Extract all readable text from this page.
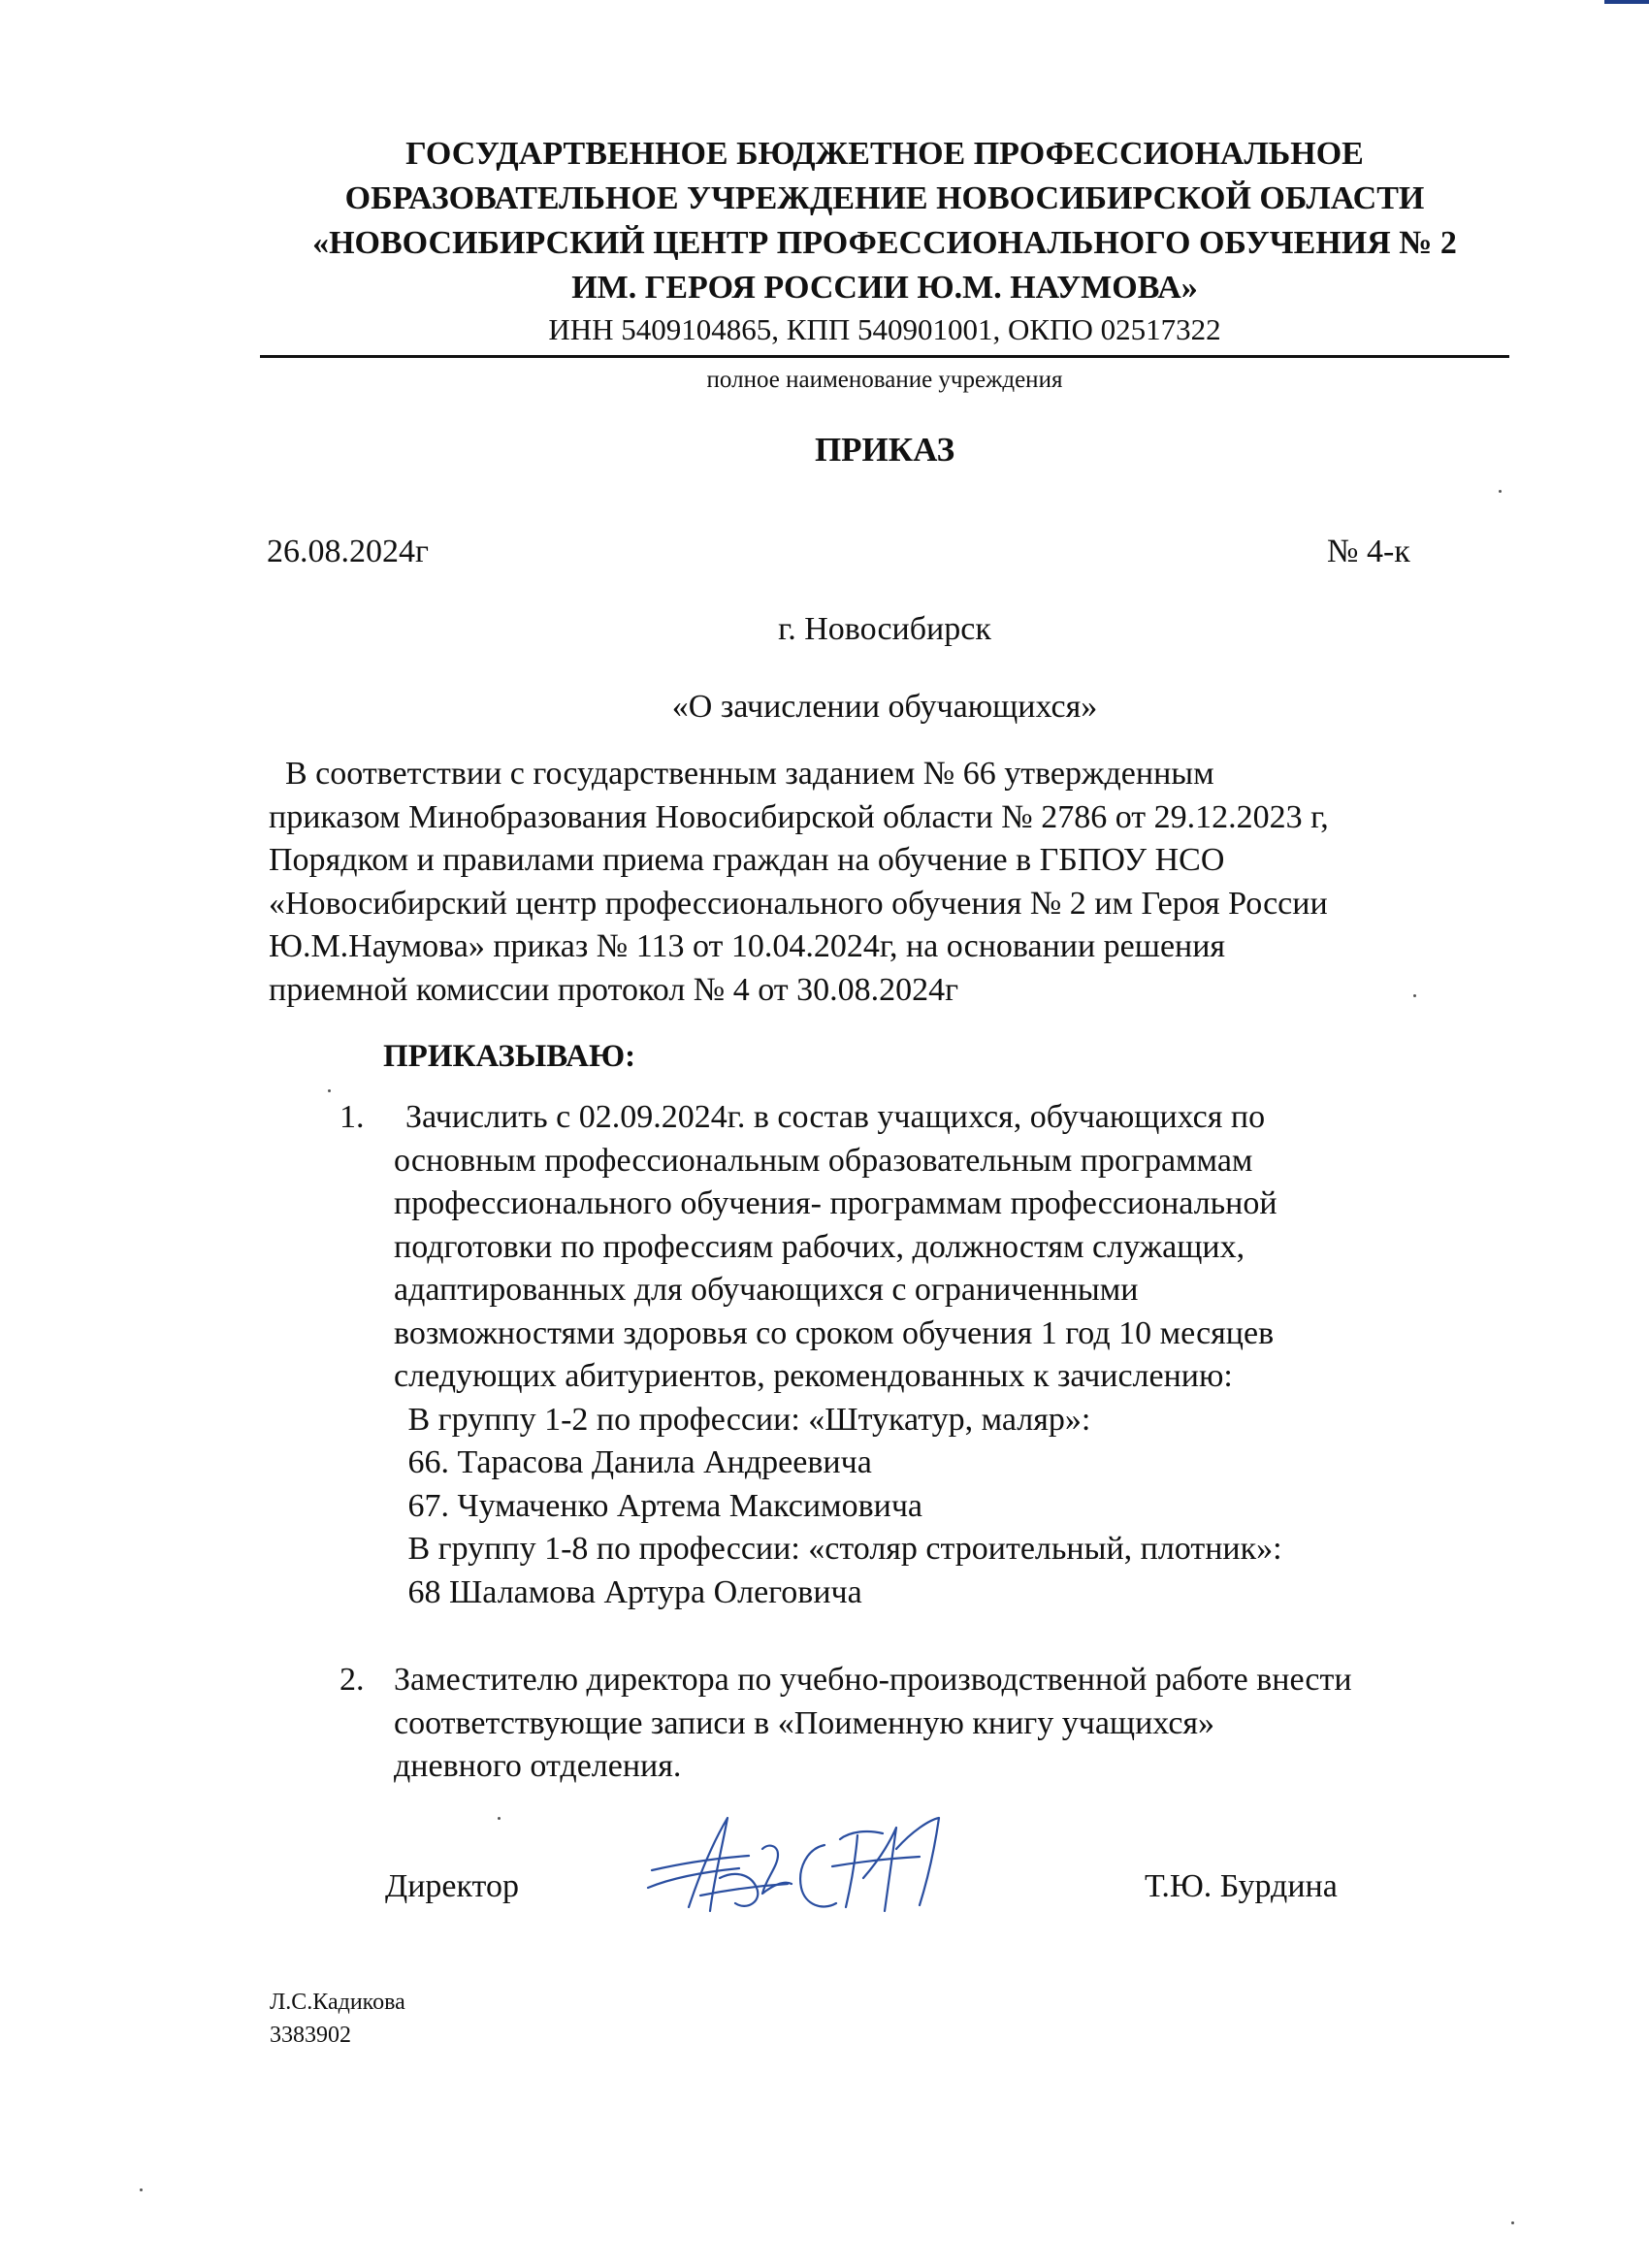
ГОСУДАРТВЕННОЕ БЮДЖЕТНОЕ ПРОФЕССИОНАЛЬНОЕ
ОБРАЗОВАТЕЛЬНОЕ УЧРЕЖДЕНИЕ НОВОСИБИРСКОЙ ОБЛАСТИ
«НОВОСИБИРСКИЙ ЦЕНТР ПРОФЕССИОНАЛЬНОГО ОБУЧЕНИЯ № 2
ИМ. ГЕРОЯ РОССИИ Ю.М. НАУМОВА»
ИНН 5409104865, КПП 540901001, ОКПО 02517322
полное наименование учреждения
ПРИКАЗ
26.08.2024г	№ 4-к
г. Новосибирск
«О зачислении обучающихся»
В соответствии с государственным заданием № 66 утвержденным
приказом Минобразования Новосибирской области № 2786 от 29.12.2023 г,
Порядком и правилами приема граждан на обучение в ГБПОУ НСО
«Новосибирский центр профессионального обучения № 2 им Героя России
Ю.М.Наумова» приказ № 113 от 10.04.2024г, на основании решения
приемной комиссии протокол № 4 от 30.08.2024г
ПРИКАЗЫВАЮ:
1.	Зачислить с 02.09.2024г. в состав учащихся, обучающихся по
основным профессиональным образовательным программам
профессионального обучения- программам профессиональной
подготовки по профессиям рабочих, должностям служащих,
адаптированных для обучающихся с ограниченными
возможностями здоровья со сроком обучения 1 год 10 месяцев
следующих абитуриентов, рекомендованных к зачислению:
В группу 1-2 по профессии: «Штукатур, маляр»:
66. Тарасова Данила Андреевича
67. Чумаченко Артема Максимовича
В группу 1-8 по профессии: «столяр строительный, плотник»:
68 Шаламова Артура Олеговича
2. Заместителю директора по учебно-производственной работе внести
соответствующие записи в «Поименную книгу учащихся»
дневного отделения.
Директор	Т.Ю. Бурдина
Л.С.Кадикова
3383902
